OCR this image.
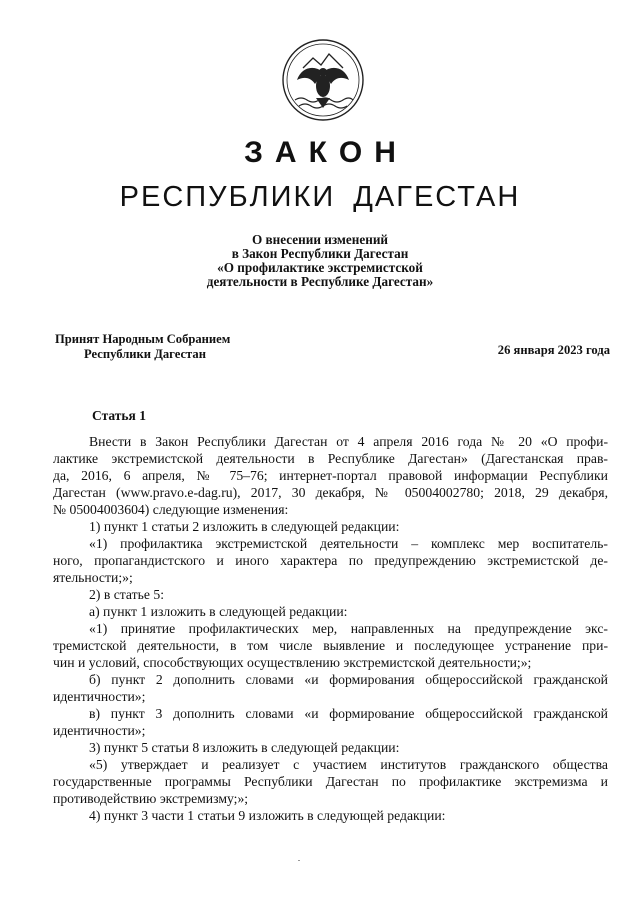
ЗАКОН
РЕСПУБЛИКИ ДАГЕСТАН
О внесении изменений
в Закон Республики Дагестан
«О профилактике экстремистской
деятельности в Республике Дагестан»
Принят Народным Собранием
Республики Дагестан	26 января 2023 года
Статья 1
Внести в Закон Республики Дагестан от 4 апреля 2016 года № 20 «О профи-
лактике экстремистской деятельности в Республике Дагестан» (Дагестанская прав-
да, 2016, 6 апреля, № 75–76; интернет-портал правовой информации Республики
Дагестан (www.pravo.e-dag.ru), 2017, 30 декабря, № 05004002780; 2018, 29 декабря,
№ 05004003604) следующие изменения:
1) пункт 1 статьи 2 изложить в следующей редакции:
«1) профилактика экстремистской деятельности – комплекс мер воспитатель-
ного, пропагандистского и иного характера по предупреждению экстремистской де-
ятельности;»;
2) в статье 5:
а) пункт 1 изложить в следующей редакции:
«1) принятие профилактических мер, направленных на предупреждение экс-
тремистской деятельности, в том числе выявление и последующее устранение при-
чин и условий, способствующих осуществлению экстремистской деятельности;»;
б) пункт 2 дополнить словами «и формирования общероссийской гражданской
идентичности»;
в) пункт 3 дополнить словами «и формирование общероссийской гражданской
идентичности»;
3) пункт 5 статьи 8 изложить в следующей редакции:
«5) утверждает и реализует с участием институтов гражданского общества
государственные программы Республики Дагестан по профилактике экстремизма и
противодействию экстремизму;»;
4) пункт 3 части 1 статьи 9 изложить в следующей редакции:
